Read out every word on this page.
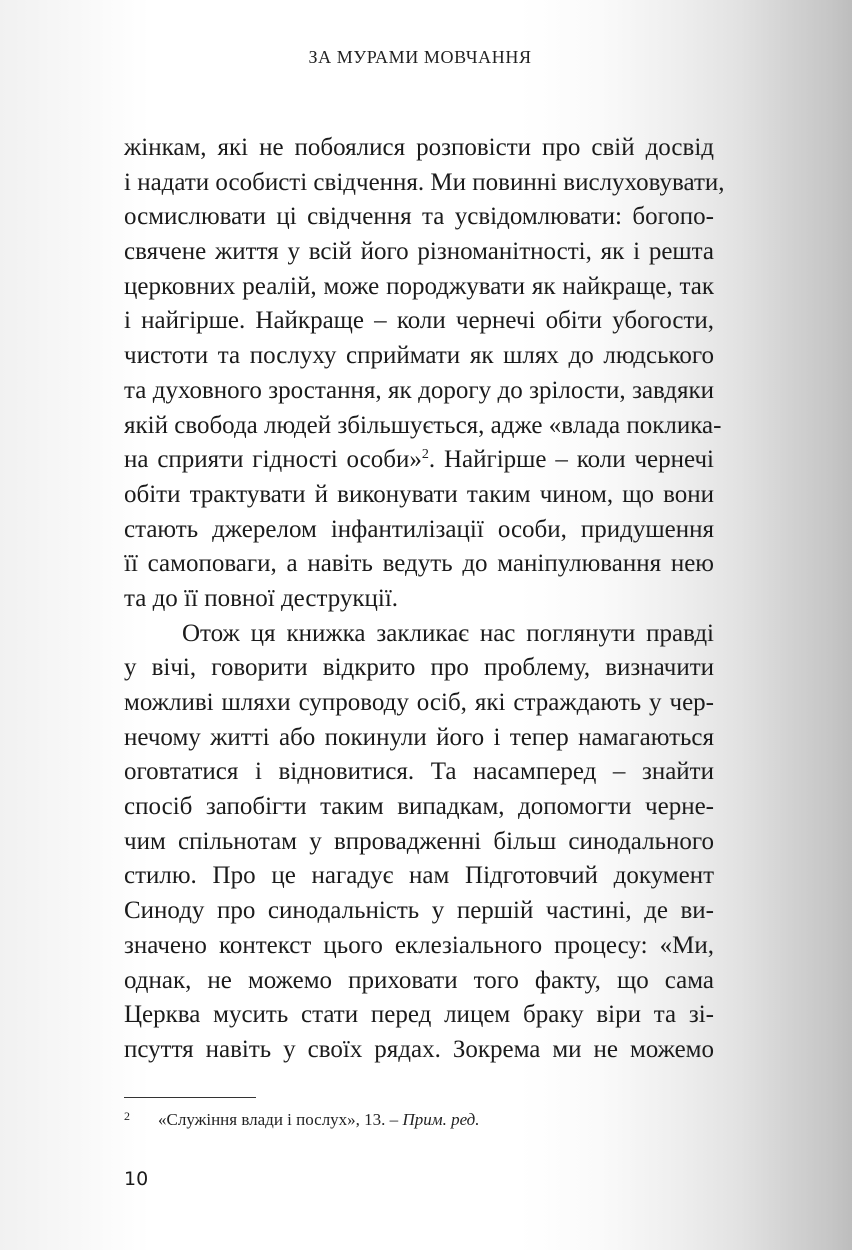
ЗА МУРАМИ МОВЧАННЯ
жінкам, які не побоялися розповісти про свій досвід
і надати особисті свідчення. Ми повинні вислуховувати,
осмислювати ці свідчення та усвідомлювати: богопо-
свячене життя у всій його різноманітності, як і решта
церковних реалій, може породжувати як найкраще, так
і найгірше. Найкраще – коли чернечі обіти убогости,
чистоти та послуху сприймати як шлях до людського
та духовного зростання, як дорогу до зрілости, завдяки
якій свобода людей збільшується, адже «влада поклика-
на сприяти гідності особи»$^2$. Найгірше – коли чернечі
обіти трактувати й виконувати таким чином, що вони
стають джерелом інфантилізації особи, придушення
її самоповаги, а навіть ведуть до маніпулювання нею
та до її повної деструкції.
Отож ця книжка закликає нас поглянути правді
у вічі, говорити відкрито про проблему, визначити
можливі шляхи супроводу осіб, які страждають у чер-
нечому житті або покинули його і тепер намагаються
оговтатися і відновитися. Та насамперед – знайти
спосіб запобігти таким випадкам, допомогти черне-
чим спільнотам у впровадженні більш синодального
стилю. Про це нагадує нам Підготовчий документ
Синоду про синодальність у першій частині, де ви-
значено контекст цього еклезіального процесу: «Ми,
однак, не можемо приховати того факту, що сама
Церква мусить стати перед лицем браку віри та зі-
псуття навіть у своїх рядах. Зокрема ми не можемо
2 «Служіння влади і послух», 13. – Прим. ред.
10
